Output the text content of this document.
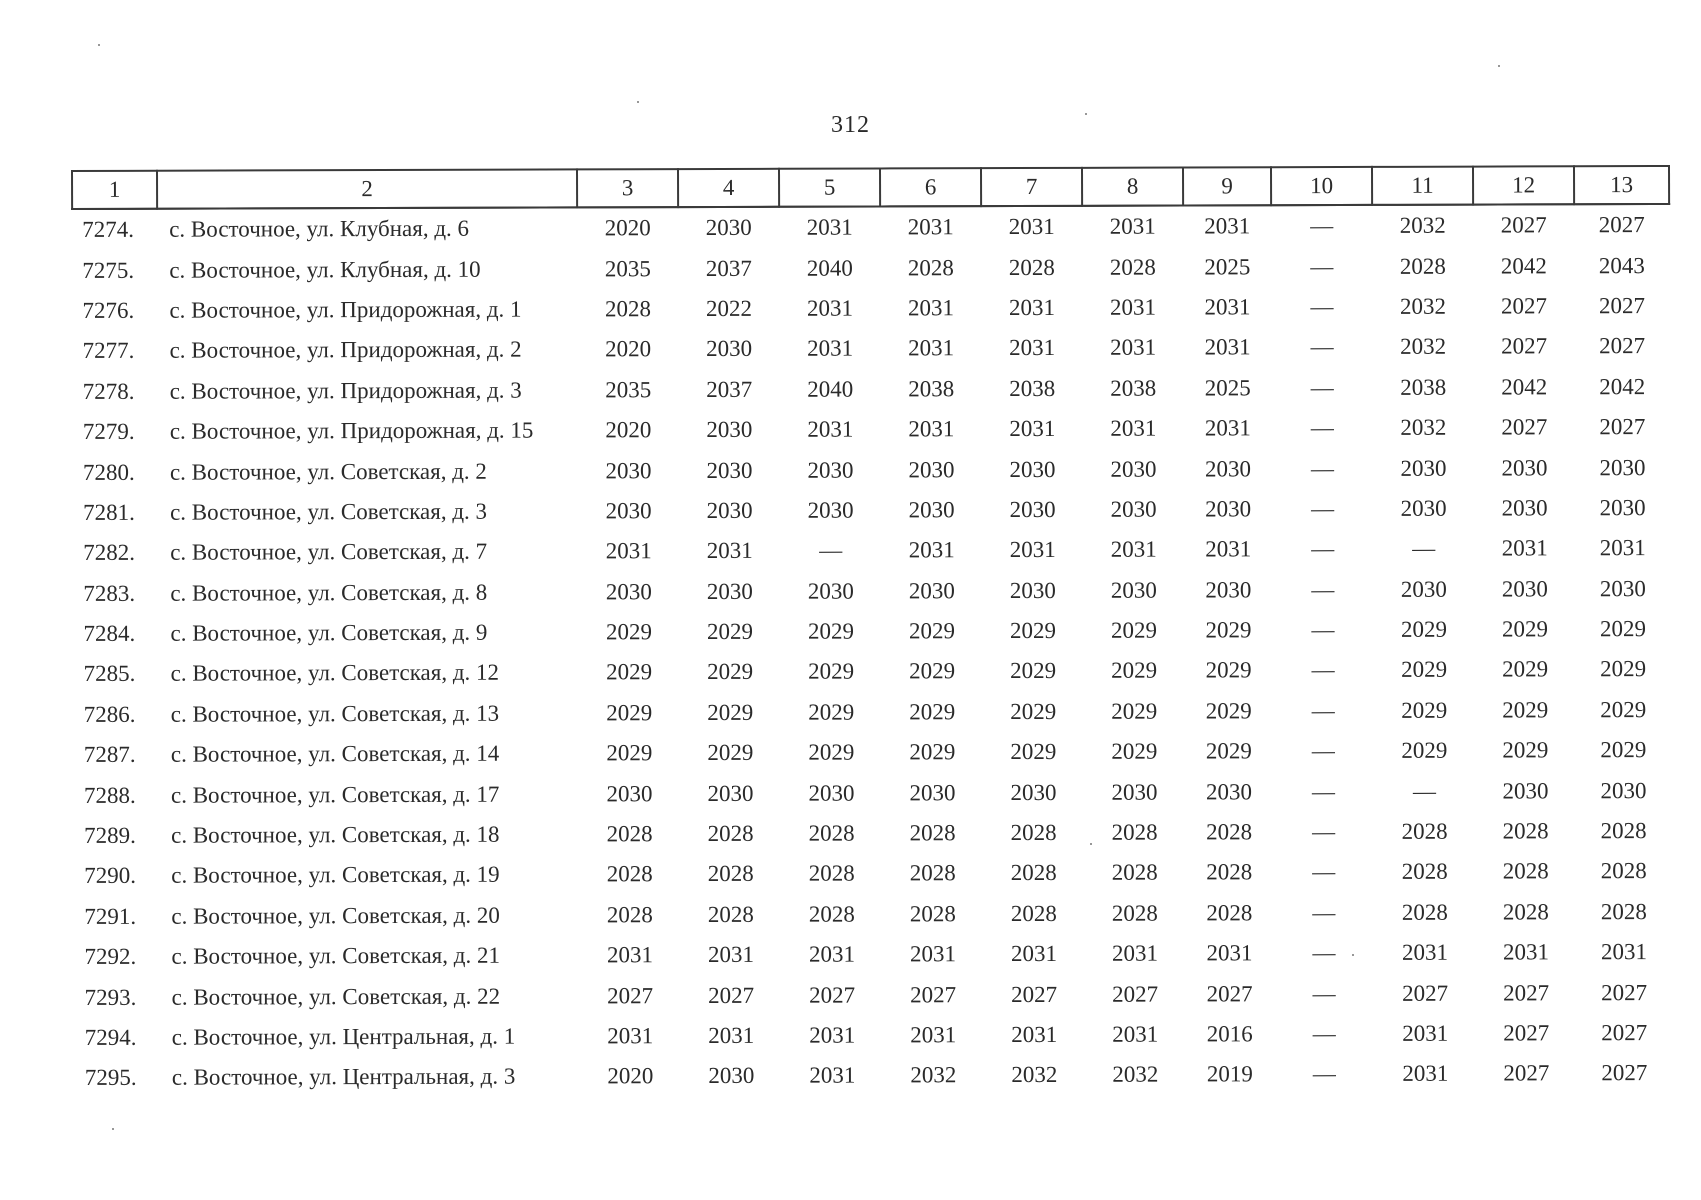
312
1	2	3	4	5	6	7	8	9	10	11	12	13
7274.	с. Восточное, ул. Клубная, д. 6	2020	2030	2031	2031	2031	2031	2031	—	2032	2027	2027
7275.	с. Восточное, ул. Клубная, д. 10	2035	2037	2040	2028	2028	2028	2025	—	2028	2042	2043
7276.	с. Восточное, ул. Придорожная, д. 1	2028	2022	2031	2031	2031	2031	2031	—	2032	2027	2027
7277.	с. Восточное, ул. Придорожная, д. 2	2020	2030	2031	2031	2031	2031	2031	—	2032	2027	2027
7278.	с. Восточное, ул. Придорожная, д. 3	2035	2037	2040	2038	2038	2038	2025	—	2038	2042	2042
7279.	с. Восточное, ул. Придорожная, д. 15	2020	2030	2031	2031	2031	2031	2031	—	2032	2027	2027
7280.	с. Восточное, ул. Советская, д. 2	2030	2030	2030	2030	2030	2030	2030	—	2030	2030	2030
7281.	с. Восточное, ул. Советская, д. 3	2030	2030	2030	2030	2030	2030	2030	—	2030	2030	2030
7282.	с. Восточное, ул. Советская, д. 7	2031	2031	—	2031	2031	2031	2031	—	—	2031	2031
7283.	с. Восточное, ул. Советская, д. 8	2030	2030	2030	2030	2030	2030	2030	—	2030	2030	2030
7284.	с. Восточное, ул. Советская, д. 9	2029	2029	2029	2029	2029	2029	2029	—	2029	2029	2029
7285.	с. Восточное, ул. Советская, д. 12	2029	2029	2029	2029	2029	2029	2029	—	2029	2029	2029
7286.	с. Восточное, ул. Советская, д. 13	2029	2029	2029	2029	2029	2029	2029	—	2029	2029	2029
7287.	с. Восточное, ул. Советская, д. 14	2029	2029	2029	2029	2029	2029	2029	—	2029	2029	2029
7288.	с. Восточное, ул. Советская, д. 17	2030	2030	2030	2030	2030	2030	2030	—	—	2030	2030
7289.	с. Восточное, ул. Советская, д. 18	2028	2028	2028	2028	2028	2028	2028	—	2028	2028	2028
7290.	с. Восточное, ул. Советская, д. 19	2028	2028	2028	2028	2028	2028	2028	—	2028	2028	2028
7291.	с. Восточное, ул. Советская, д. 20	2028	2028	2028	2028	2028	2028	2028	—	2028	2028	2028
7292.	с. Восточное, ул. Советская, д. 21	2031	2031	2031	2031	2031	2031	2031	—	2031	2031	2031
7293.	с. Восточное, ул. Советская, д. 22	2027	2027	2027	2027	2027	2027	2027	—	2027	2027	2027
7294.	с. Восточное, ул. Центральная, д. 1	2031	2031	2031	2031	2031	2031	2016	—	2031	2027	2027
7295.	с. Восточное, ул. Центральная, д. 3	2020	2030	2031	2032	2032	2032	2019	—	2031	2027	2027
